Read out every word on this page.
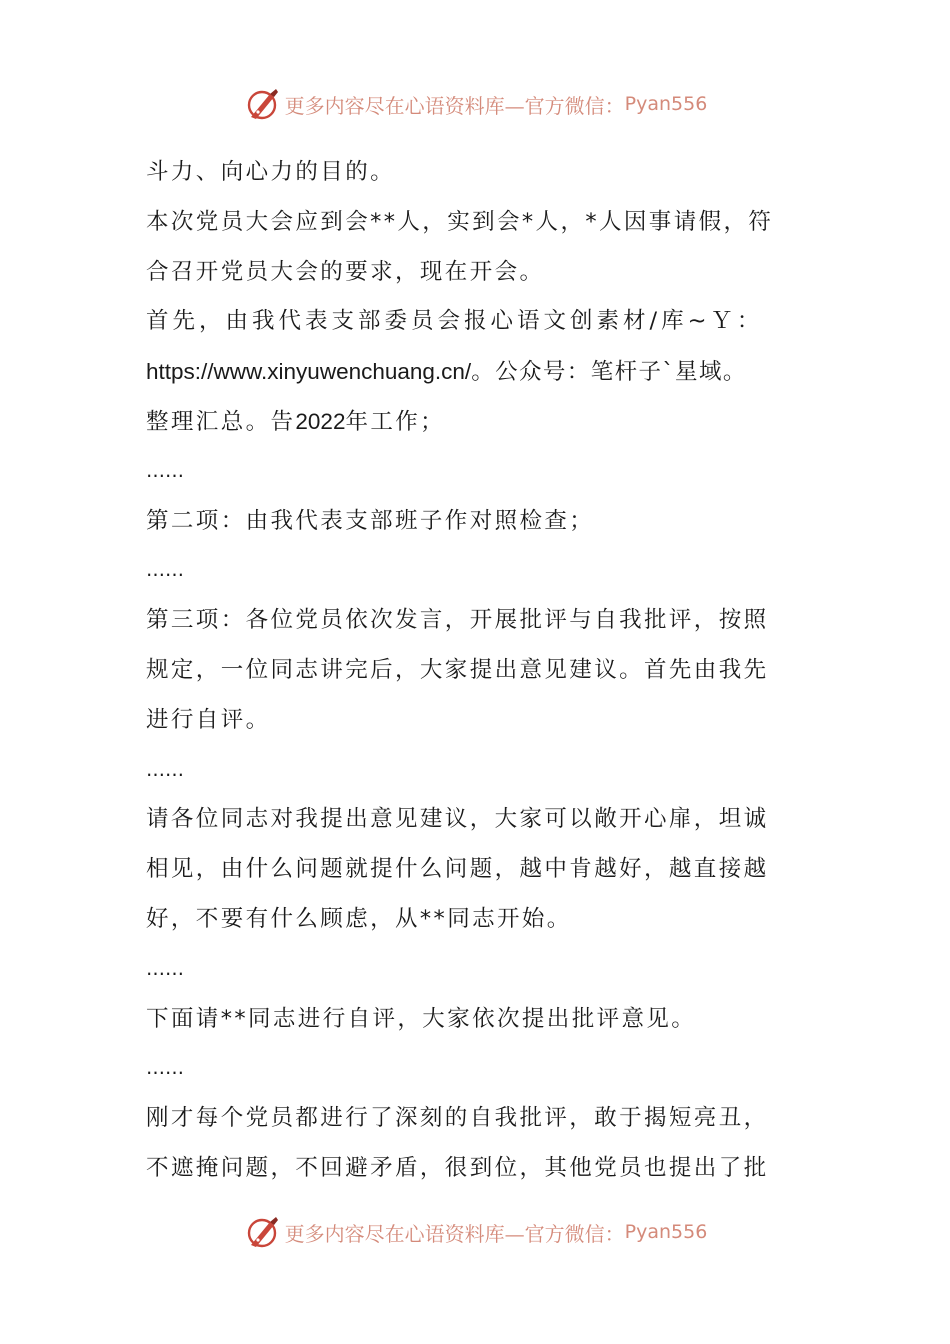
更多内容尽在心语资料库—官方微信： Pyan556
斗力、向心力的目的。
本次党员大会应到会**人，实到会*人，*人因事请假，符
合召开党员大会的要求，现在开会。
首先，由我代表支部委员会报心语文创素材/库~Ｙ：
https://www.xinyuwenchuang.cn/。公众号：笔杆子`星域。
整理汇总。告2022年工作；
……
第二项：由我代表支部班子作对照检查；
……
第三项：各位党员依次发言，开展批评与自我批评，按照
规定，一位同志讲完后，大家提出意见建议。首先由我先
进行自评。
……
请各位同志对我提出意见建议，大家可以敞开心扉，坦诚
相见，由什么问题就提什么问题，越中肯越好，越直接越
好，不要有什么顾虑，从**同志开始。
……
下面请**同志进行自评，大家依次提出批评意见。
……
刚才每个党员都进行了深刻的自我批评，敢于揭短亮丑，
不遮掩问题，不回避矛盾，很到位，其他党员也提出了批
更多内容尽在心语资料库—官方微信： Pyan556
